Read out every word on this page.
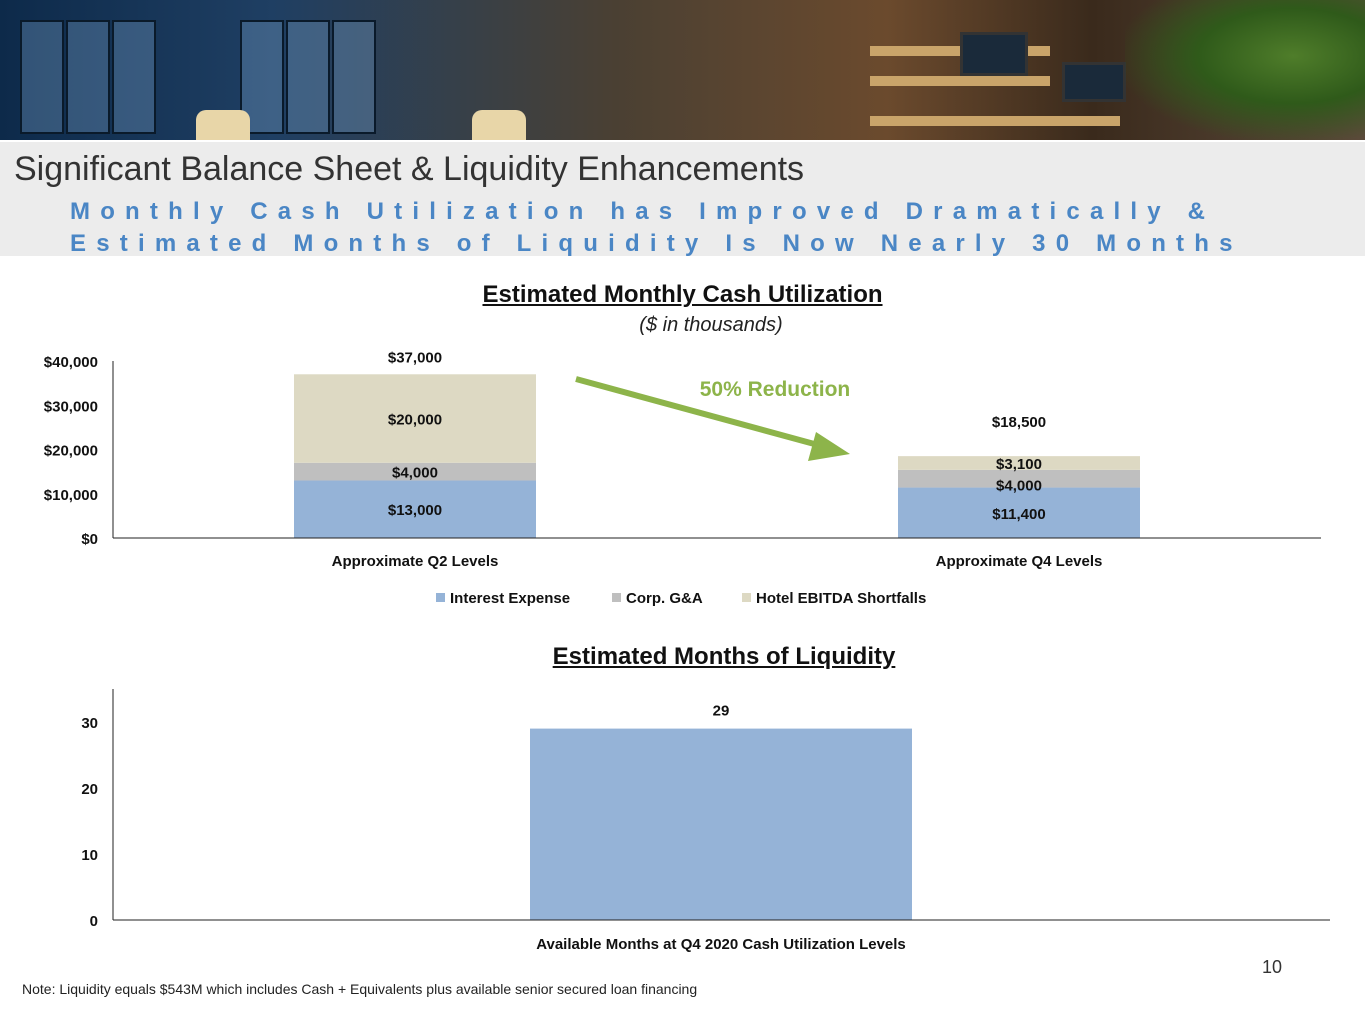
Significant Balance Sheet & Liquidity Enhancements
Monthly Cash Utilization has Improved Dramatically &
Estimated Months of Liquidity Is Now Nearly 30 Months
Estimated Monthly Cash Utilization
($ in thousands)
$0
$10,000
$20,000
$30,000
$40,000
$13,000
$4,000
$20,000
$37,000
Approximate Q2 Levels
$11,400
$4,000
$3,100
$18,500
Approximate Q4 Levels
50% Reduction
Interest Expense	Corp. G&A	Hotel EBITDA Shortfalls
Estimated Months of Liquidity
0
10
20
30
29
Available Months at Q4 2020 Cash Utilization Levels
10
Note: Liquidity equals $543M which includes Cash + Equivalents plus available senior secured loan financing
